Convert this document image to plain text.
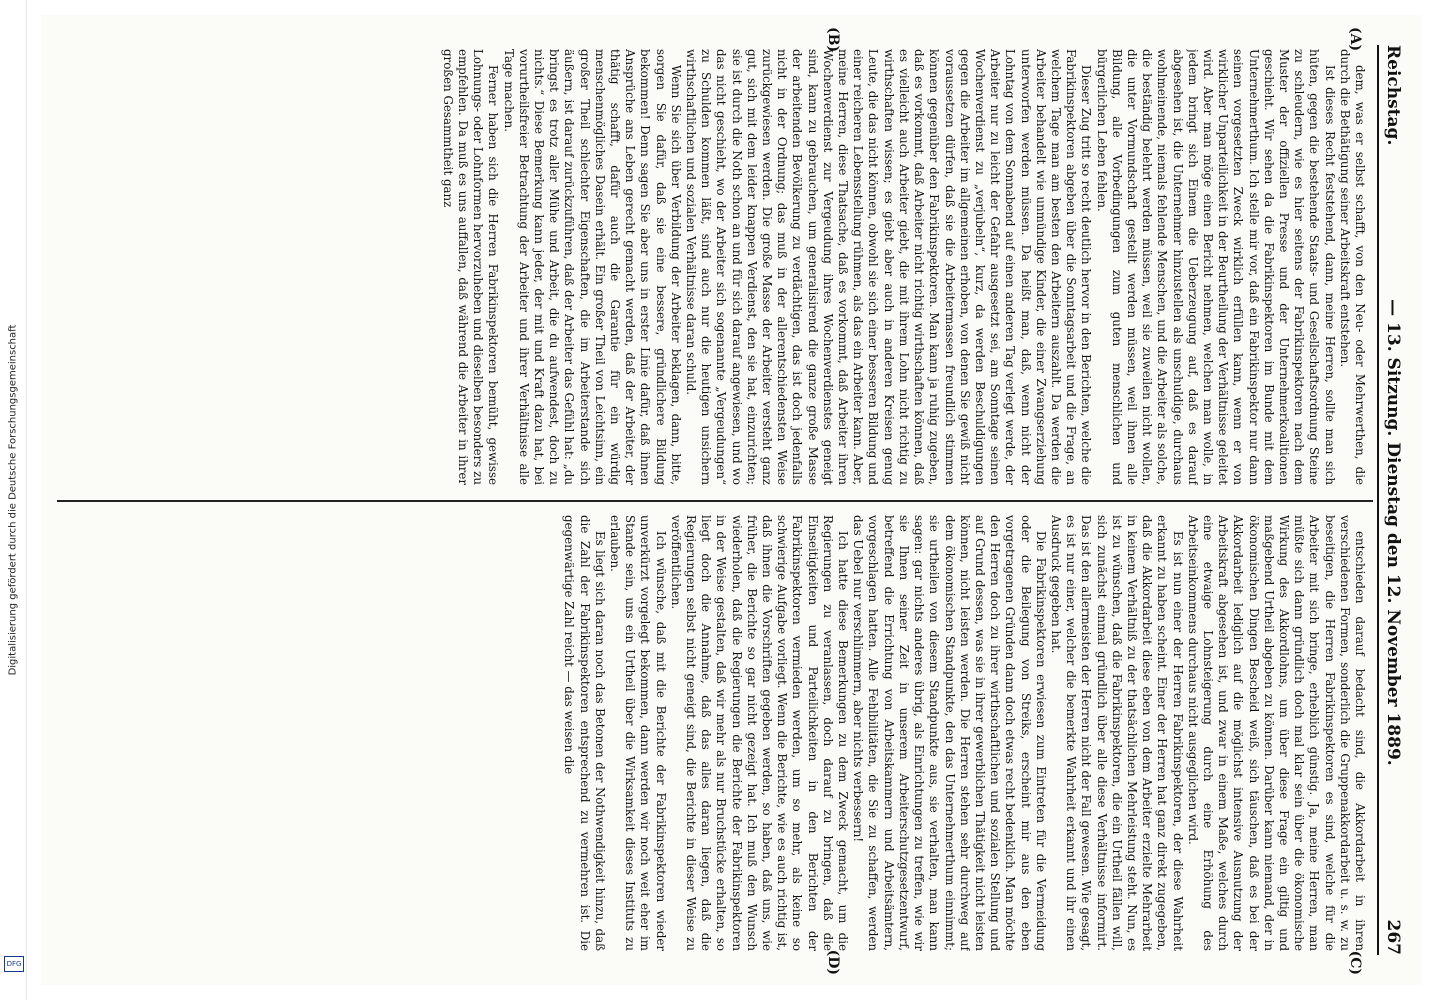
Digitalisierung gefördert durch die Deutsche Forschungsgemeinschaft
DFG
Reichstag.
— 13. Sitzung. Dienstag den 12. November 1889.
267
(A)
(B)
(C)
(D)

dem, was er selbst schafft, von den Neu- oder Mehrwerthen, die durch die Bethätigung seiner Arbeitskraft entstehen.

Ist dieses Recht feststehend, dann, meine Herren, sollte man sich hüten, gegen die bestehende Staats- und Gesellschaftsordnung Steine zu schleudern, wie es hier seitens der Fabrikinspektoren nach dem Muster der offiziellen Presse und der Unternehmerkoalitionen geschieht. Wir sehen da die Fabrikinspektoren im Bunde mit dem Unternehmerthum. Ich stelle mir vor, daß ein Fabrikinspektor nur dann seinen vorgesetzten Zweck wirklich erfüllen kann, wenn er von wirklicher Unparteilichkeit in der Beurtheilung der Verhältnisse geleitet wird. Aber man möge einen Bericht nehmen, welchen man wolle, in jedem bringt sich Einem die Ueberzeugung auf, daß es darauf abgesehen ist, die Unternehmer hinzustellen als unschuldige, durchaus wohlmeinende, niemals fehlende Menschen, und die Arbeiter als solche, die beständig belehrt werden müssen, weil sie zuweilen nicht wollen, die unter Vormundschaft gestellt werden müssen, weil ihnen alle Bildung, alle Vorbedingungen zum guten menschlichen und bürgerlichen Leben fehlen.

Dieser Zug tritt so recht deutlich hervor in den Berichten, welche die Fabrikinspektoren abgeben über die Sonntagsarbeit und die Frage, an welchem Tage man am besten den Arbeitern auszahlt. Da werden die Arbeiter behandelt wie unmündige Kinder, die einer Zwangserziehung unterworfen werden müssen. Da heißt man, daß, wenn nicht der Lohntag von dem Sonnabend auf einen anderen Tag verlegt werde, der Arbeiter nur zu leicht der Gefahr ausgesetzt sei, am Sonntage seinen Wochenverdienst zu „verjubeln“, kurz, da werden Beschuldigungen gegen die Arbeiter im allgemeinen erhoben, von denen Sie gewiß nicht voraussetzen dürfen, daß sie die Arbeitermassen freundlich stimmen können gegenüber den Fabrikinspektoren. Man kann ja ruhig zugeben, daß es vorkommt, daß Arbeiter nicht richtig wirthschaften können, daß es vielleicht auch Arbeiter giebt, die mit ihrem Lohn nicht richtig zu wirthschaften wissen; es giebt aber auch in anderen Kreisen genug Leute, die das nicht können, obwohl sie sich einer besseren Bildung und einer reicheren Lebensstellung rühmen, als das ein Arbeiter kann. Aber, meine Herren, diese Thatsache, daß es vorkommt, daß Arbeiter ihren Wochenverdienst zur Vergeudung ihres Wochenverdienstes geneigt sind, kann zu gebrauchen, um generalisirend die ganze große Masse der arbeitenden Bevölkerung zu verdächtigen, das ist doch jedenfalls nicht in der Ordnung; das muß in der allerentschiedensten Weise zurückgewiesen werden. Die große Masse der Arbeiter versteht ganz gut, sich mit dem leider knappen Verdienst, den sie hat, einzurichten; sie ist durch die Noth schon an und für sich darauf angewiesen, und wo das nicht geschieht, wo der Arbeiter sich sogenannte „Vergeudungen“ zu Schulden kommen läßt, sind auch nur die heutigen unsichern wirthschaftlichen und sozialen Verhältnisse daran schuld.

Wenn Sie sich über Verbildung der Arbeiter beklagen, dann, bitte, sorgen Sie dafür, daß sie eine bessere, gründlichere Bildung bekommen! Denn sagen Sie aber uns in erster Linie dafür, daß ihnen Ansprüche ans Leben gerecht gemacht werden, daß der Arbeiter, der thätig schafft, dafür auch die Garantie für ein würdig menschenmögliches Dasein erhält. Ein großer Theil von Leichtsinn, ein großer Theil schlechter Eigenschaften, die im Arbeiterstande sich äußern, ist darauf zurückzuführen, daß der Arbeiter das Gefühl hat: „du bringst es trotz aller Mühe und Arbeit, die du aufwendest, doch zu nichts.“ Diese Bemerkung kann jeder, der mit und Kraft dazu hat, bei vorurtheilsfreier Betrachtung der Arbeiter und ihrer Verhältnisse alle Tage machen.

Ferner haben sich die Herren Fabrikinspektoren bemüht, gewisse Lohnungs- oder Lohnformen hervorzuheben und dieselben besonders zu empfehlen. Da muß es uns auffallen, daß während die Arbeiter in ihrer großen Gesammtheit ganz

entschieden darauf bedacht sind, die Akkordarbeit in ihren verschiedenen Formen, sonderlich die Gruppenakkordarbeit u. s. w. zu beseitigen, die Herren Fabrikinspektoren es sind, welche für die Arbeiter mit sich bringe, erheblich günstig. Ja, meine Herren, man müßte sich dann gründlich doch mal klar sein über die ökonomische Wirkung des Akkordlohns, um über diese Frage ein giltig und maßgebend Urtheil abgeben zu können. Darüber kann niemand, der in ökonomischen Dingen Bescheid weiß, sich täuschen, daß es bei der Akkordarbeit lediglich auf die möglichst intensive Ausnutzung der Arbeitskraft abgesehen ist, und zwar in einem Maße, welches durch eine etwaige Lohnsteigerung durch eine Erhöhung des Arbeitseinkommens durchaus nicht ausgeglichen wird.

Es ist nun einer der Herren Fabrikinspektoren, der diese Wahrheit erkannt zu haben scheint. Einer der Herren hat ganz direkt zugegeben, daß die Akkordarbeit diese eben von dem Arbeiter erzielte Mehrarbeit in keinem Verhältniß zu der thatsächlichen Mehrleistung steht. Nun, es ist zu wünschen, daß die Fabrikinspektoren, die ein Urtheil fällen will, sich zunächst einmal gründlich über alle diese Verhältnisse informirt. Das ist den allermeisten der Herren nicht der Fall gewesen. Wie gesagt, es ist nur einer, welcher die bemerkte Wahrheit erkannt und ihr einen Ausdruck gegeben hat.

Die Fabrikinspektoren erwiesen zum Eintreten für die Vermeidung oder die Beilegung von Streiks, erscheint mir aus den eben vorgetragenen Gründen dann doch etwas recht bedenklich. Man möchte den Herren doch zu ihrer wirthschaftlichen und sozialen Stellung und auf Grund dessen, was sie in ihrer gewerblichen Thätigkeit nicht leisten können, nicht leisten werden. Die Herren stehen sehr durchweg auf dem ökonomischen Standpunkte, den das Unternehmerthum einnimmt; sie urtheilen von diesem Standpunkte aus, sie verhalten, man kann sagen: gar nichts anderes übrig, als Einrichtungen zu treffen, wie wir sie Ihnen seiner Zeit in unserem Arbeiterschutzgesetzentwurf, betreffend die Errichtung von Arbeitskammern und Arbeitsämtern, vorgeschlagen hatten. Alle Fehlbilitäten, die Sie zu schaffen, werden das Uebel nur verschlimmern, aber nichts verbessern!

Ich hatte diese Bemerkungen zu dem Zweck gemacht, um die Regierungen zu veranlassen, doch darauf zu bringen, daß die Einseitigkeiten und Parteilichkeiten in den Berichten der Fabrikinspektoren vermieden werden, um so mehr, als keine so schwierige Aufgabe vorliegt. Wenn die Berichte, wie es auch richtig ist, daß ihnen die Vorschriften gegeben werden, so haben, daß uns, wie früher, die Berichte so gar nicht gezeigt hat. Ich muß den Wunsch wiederholen, daß die Regierungen die Berichte der Fabrikinspektoren in der Weise gestalten, daß wir mehr als nur Bruchstücke erhalten, so liegt doch die Annahme, daß das alles daran liegen, daß die Regierungen selbst nicht geneigt sind, die Berichte in dieser Weise zu veröffentlichen.

Ich wünsche, daß mit die Berichte der Fabrikinspektoren wieder unverkürzt vorgelegt bekommen, dann werden wir noch weit eher im Stande sein, uns ein Urtheil über die Wirksamkeit dieses Instituts zu erlauben.

Es liegt sich daran noch das Betonen der Nothwendigkeit hinzu, daß die Zahl der Fabrikinspektoren entsprechend zu vermehren ist. Die gegenwärtige Zahl reicht — das weisen die
